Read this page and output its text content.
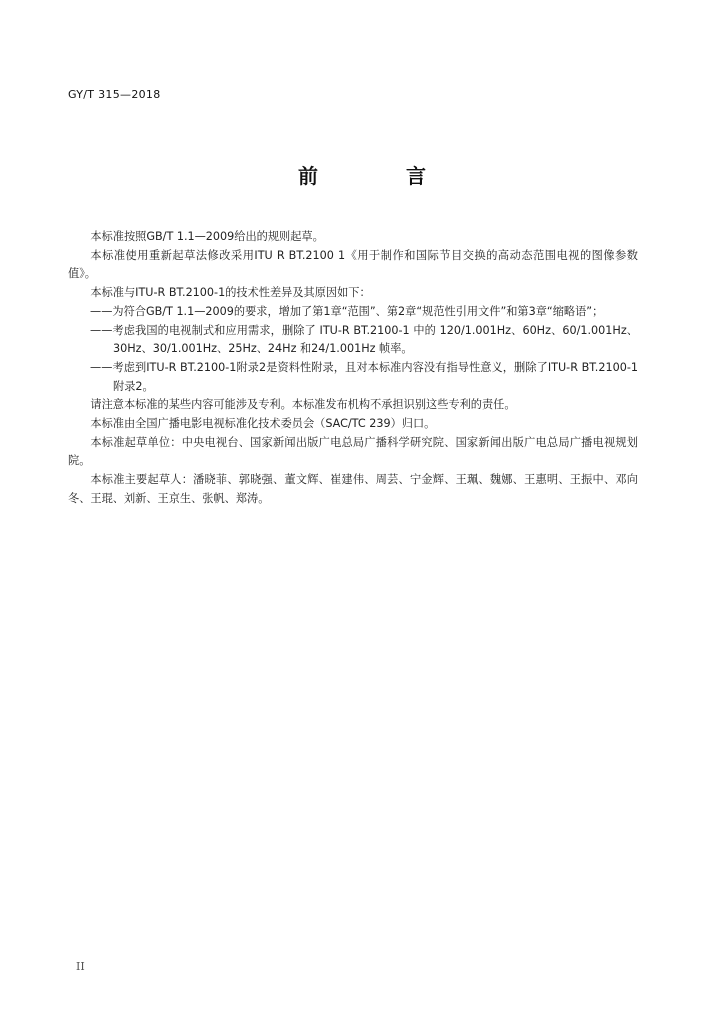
GY/T 315—2018
前　言

本标准按照GB/T 1.1—2009给出的规则起草。

本标准使用重新起草法修改采用ITU R BT.2100 1《用于制作和国际节目交换的高动态范围电视的图像参数值》。

本标准与ITU-R BT.2100-1的技术性差异及其原因如下：

——为符合GB/T 1.1—2009的要求，增加了第1章“范围”、第2章“规范性引用文件”和第3章“缩略语”；

——考虑我国的电视制式和应用需求，删除了 ITU-R BT.2100-1 中的 120/1.001Hz、60Hz、60/1.001Hz、30Hz、30/1.001Hz、25Hz、24Hz 和24/1.001Hz 帧率。

——考虑到ITU-R BT.2100-1附录2是资料性附录，且对本标准内容没有指导性意义，删除了ITU-R BT.2100-1附录2。

请注意本标准的某些内容可能涉及专利。本标准发布机构不承担识别这些专利的责任。

本标准由全国广播电影电视标准化技术委员会（SAC/TC 239）归口。

本标准起草单位：中央电视台、国家新闻出版广电总局广播科学研究院、国家新闻出版广电总局广播电视规划院。

本标准主要起草人：潘晓菲、郭晓强、董文辉、崔建伟、周芸、宁金辉、王珮、魏娜、王惠明、王振中、邓向冬、王琨、刘新、王京生、张帆、郑涛。

II
